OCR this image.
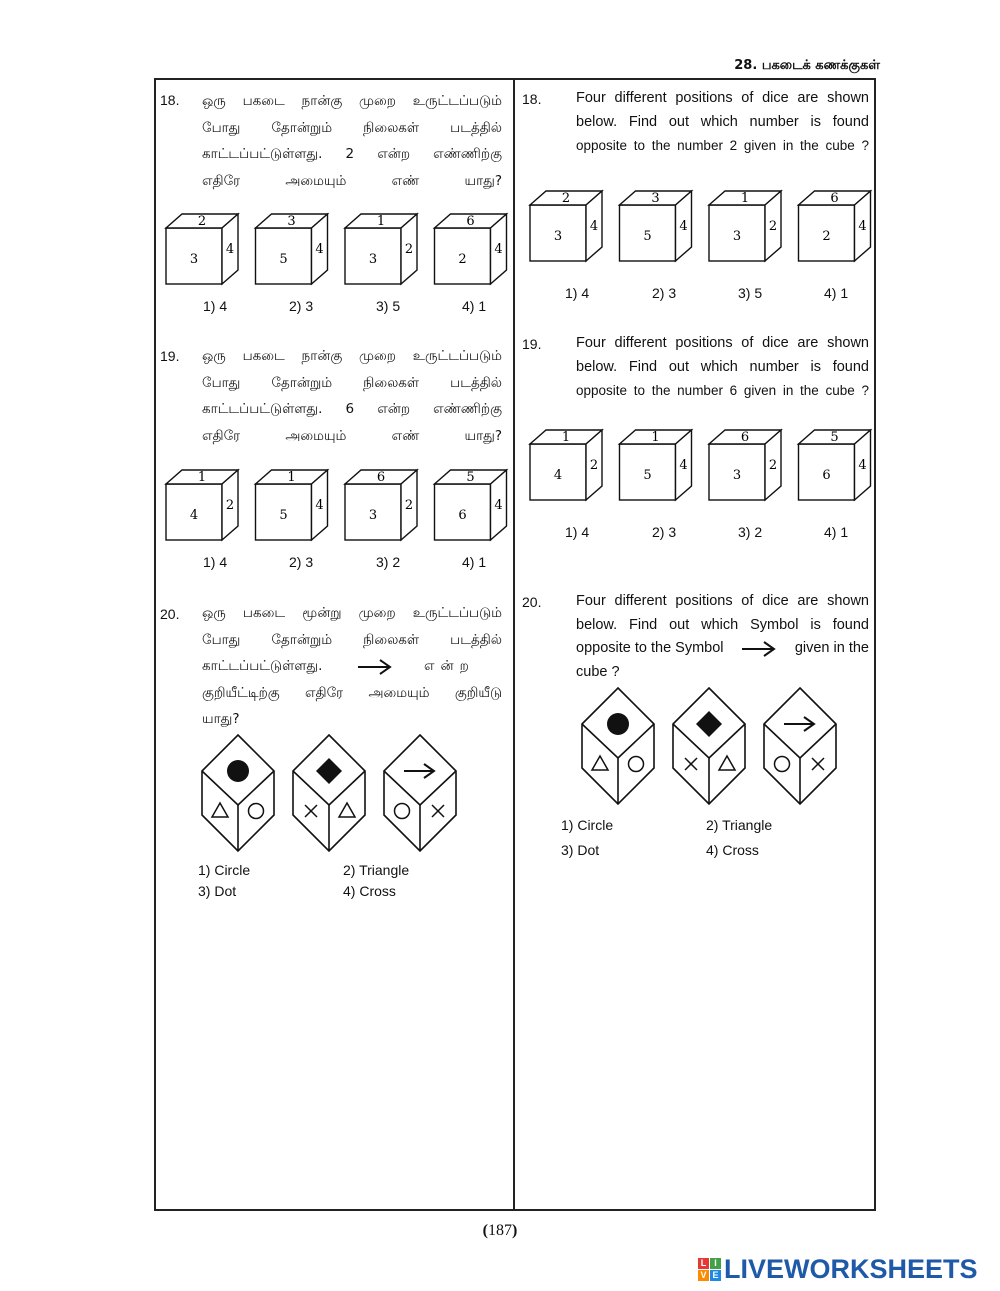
28. பகடைக் கணக்குகள்
18. ஒரு பகடை நான்கு முறை உருட்டப்படும்
போது தோன்றும் நிலைகள் படத்தில்
காட்டப்பட்டுள்ளது. 2 என்ற எண்ணிற்கு
எதிரே அமையும் எண் யாது?
2
3
4
3
5
4
1
3
2
6
2
4
1) 4	2) 3	3) 5	4) 1
19. ஒரு பகடை நான்கு முறை உருட்டப்படும்
போது தோன்றும் நிலைகள் படத்தில்
காட்டப்பட்டுள்ளது. 6 என்ற எண்ணிற்கு
எதிரே அமையும் எண் யாது?
1
4
2
1
5
4
6
3
2
5
6
4
1) 4	2) 3	3) 2	4) 1
20. ஒரு பகடை மூன்று முறை உருட்டப்படும்
போது தோன்றும் நிலைகள் படத்தில்
காட்டப்பட்டுள்ளது.	என்ற
குறியீட்டிற்கு எதிரே அமையும் குறியீடு
யாது?
1) Circle	2) Triangle
3) Dot	4) Cross
18. Four different positions of dice are shown
below. Find out which number is found
opposite to the number 2 given in the cube ?
2
3
4
3
5
4
1
3
2
6
2
4
1) 4	2) 3	3) 5	4) 1
19. Four different positions of dice are shown
below. Find out which number is found
opposite to the number 6 given in the cube ?
1
4
2
1
5
4
6
3
2
5
6
4
1) 4	2) 3	3) 2	4) 1
20. Four different positions of dice are shown
below. Find out which Symbol is found
opposite to the Symbol	given in the
cube ?
1) Circle	2) Triangle
3) Dot	4) Cross
(187)
L I
V E LIVEWORKSHEETS
